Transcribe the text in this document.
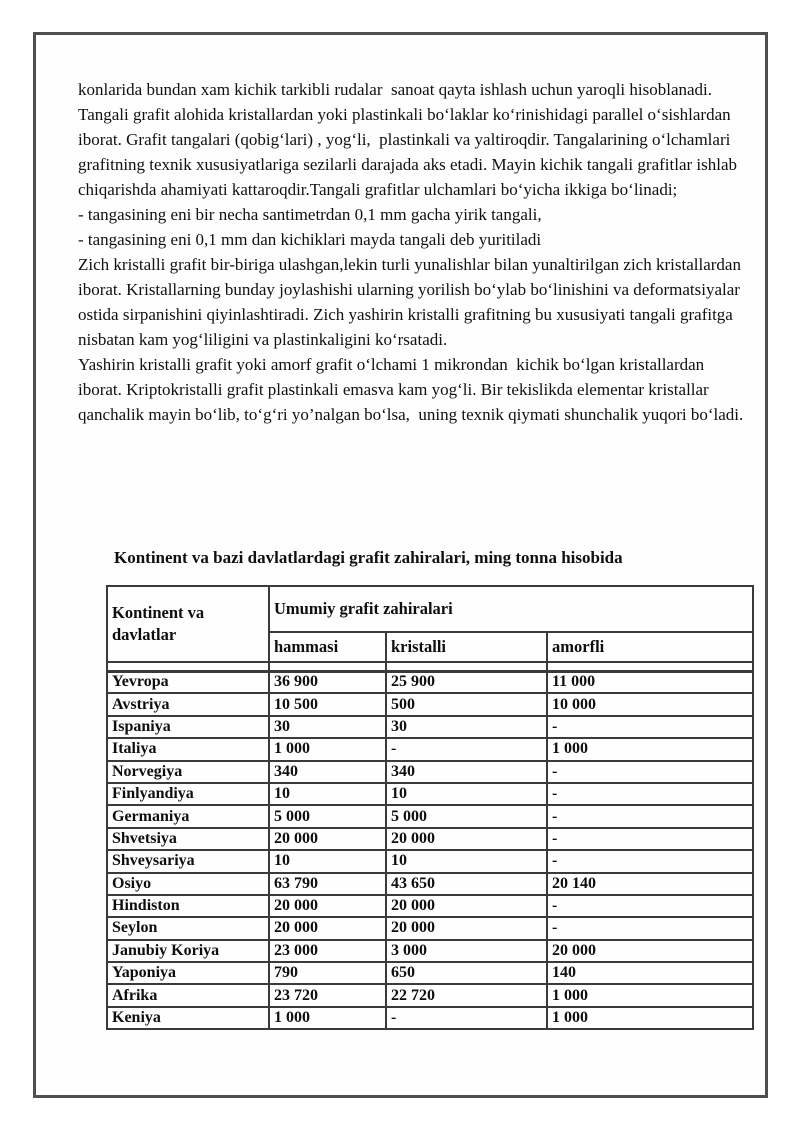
konlarida bundan xam kichik tarkibli rudalar  sanoat qayta ishlash uchun yaroqli hisoblanadi.

Tangali grafit alohida kristallardan yoki plastinkali bo‘laklar ko‘rinishidagi parallel o‘sishlardan iborat. Grafit tangalari (qobig‘lari) , yog‘li,  plastinkali va yaltiroqdir. Tangalarining o‘lchamlari grafitning texnik xususiyatlariga sezilarli darajada aks etadi. Mayin kichik tangali grafitlar ishlab chiqarishda ahamiyati kattaroqdir.Tangali grafitlar ulchamlari bo‘yicha ikkiga bo‘linadi;

- tangasining eni bir necha santimetrdan 0,1 mm gacha yirik tangali,

- tangasining eni 0,1 mm dan kichiklari mayda tangali deb yuritiladi

Zich kristalli grafit bir-biriga ulashgan,lekin turli yunalishlar bilan yunaltirilgan zich kristallardan iborat. Kristallarning bunday joylashishi ularning yorilish bo‘ylab bo‘linishini va deformatsiyalar ostida sirpanishini qiyinlashtiradi. Zich yashirin kristalli grafitning bu xususiyati tangali grafitga nisbatan kam yog‘liligini va plastinkaligini ko‘rsatadi.

Yashirin kristalli grafit yoki amorf grafit o‘lchami 1 mikrondan  kichik bo‘lgan kristallardan iborat. Kriptokristalli grafit plastinkali emasva kam yog‘li. Bir tekislikda elementar kristallar qanchalik mayin bo‘lib, to‘g‘ri yo’nalgan bo‘lsa,  uning texnik qiymati shunchalik yuqori bo‘ladi.

Kontinent va bazi davlatlardagi grafit zahiralari, ming tonna hisobida
Kontinent va davlatlar	Umumiy grafit zahiralari		
	hammasi	kristalli	amorfli

Yevropa	36 900	25 900	11 000
Avstriya	10 500	500	10 000
Ispaniya	30	30	-
Italiya	1 000	-	1 000
Norvegiya	340	340	-
Finlyandiya	10	10	-
Germaniya	5 000	5 000	-
Shvetsiya	20 000	20 000	-
Shveysariya	10	10	-
Osiyo	63 790	43 650	20 140
Hindiston	20 000	20 000	-
Seylon	20 000	20 000	-
Janubiy Koriya	23 000	3 000	20 000
Yaponiya	790	650	140
Afrika	23 720	22 720	1 000
Keniya	1 000	-	1 000
